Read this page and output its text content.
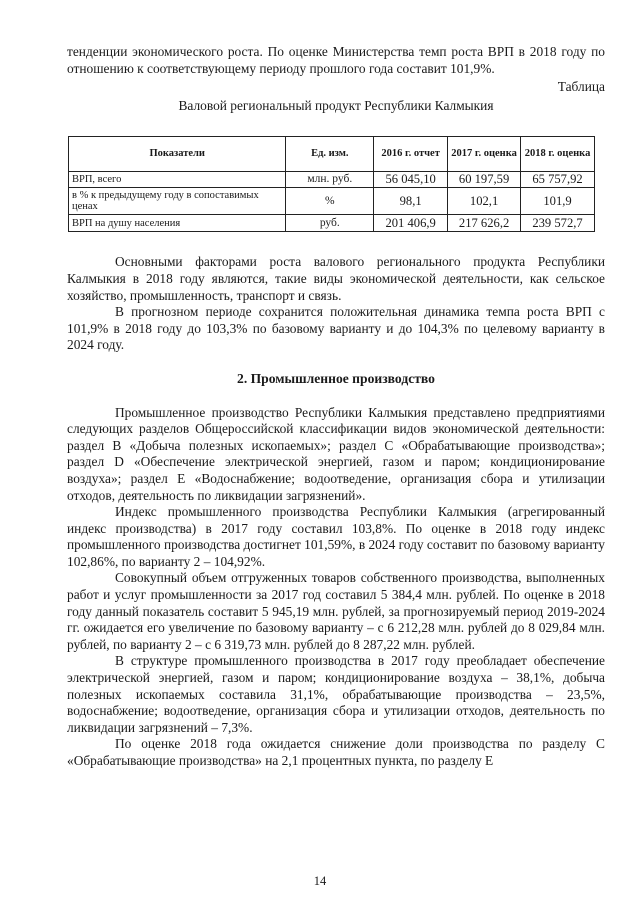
тенденции экономического роста. По оценке Министерства темп роста ВРП в 2018 году по отношению к соответствующему периоду прошлого года составит 101,9%.

Таблица

Валовой региональный продукт Республики Калмыкия

Показатели	Ед. изм.	2016 г. отчет	2017 г. оценка	2018 г. оценка
ВРП, всего	млн. руб.	56 045,10	60 197,59	65 757,92
в % к предыдущему году в сопоставимых ценах	%	98,1	102,1	101,9
ВРП на душу населения	руб.	201 406,9	217 626,2	239 572,7

Основными факторами роста валового регионального продукта Республики Калмыкия в 2018 году являются, такие виды экономической деятельности, как сельское хозяйство, промышленность, транспорт и связь.

В прогнозном периоде сохранится положительная динамика темпа роста ВРП с 101,9% в 2018 году до 103,3% по базовому варианту и до 104,3% по целевому варианту в 2024 году.

2. Промышленное производство

Промышленное производство Республики Калмыкия представлено предприятиями следующих разделов Общероссийской классификации видов экономической деятельности: раздел В «Добыча полезных ископаемых»; раздел С «Обрабатывающие производства»; раздел D «Обеспечение электрической энергией, газом и паром; кондиционирование воздуха»; раздел Е «Водоснабжение; водоотведение, организация сбора и утилизации отходов, деятельность по ликвидации загрязнений».

Индекс промышленного производства Республики Калмыкия (агрегированный индекс производства) в 2017 году составил 103,8%. По оценке в 2018 году индекс промышленного производства достигнет 101,59%, в 2024 году составит по базовому варианту 102,86%, по варианту 2 – 104,92%.

Совокупный объем отгруженных товаров собственного производства, выполненных работ и услуг промышленности за 2017 год составил 5 384,4 млн. рублей. По оценке в 2018 году данный показатель составит 5 945,19 млн. рублей, за прогнозируемый период 2019-2024 гг. ожидается его увеличение по базовому варианту – с 6 212,28 млн. рублей до 8 029,84 млн. рублей, по варианту 2 – с 6 319,73 млн. рублей до 8 287,22 млн. рублей.

В структуре промышленного производства в 2017 году преобладает обеспечение электрической энергией, газом и паром; кондиционирование воздуха – 38,1%, добыча полезных ископаемых составила 31,1%, обрабатывающие производства – 23,5%, водоснабжение; водоотведение, организация сбора и утилизации отходов, деятельность по ликвидации загрязнений – 7,3%.

По оценке 2018 года ожидается снижение доли производства по разделу С «Обрабатывающие производства» на 2,1 процентных пункта, по разделу Е

14
